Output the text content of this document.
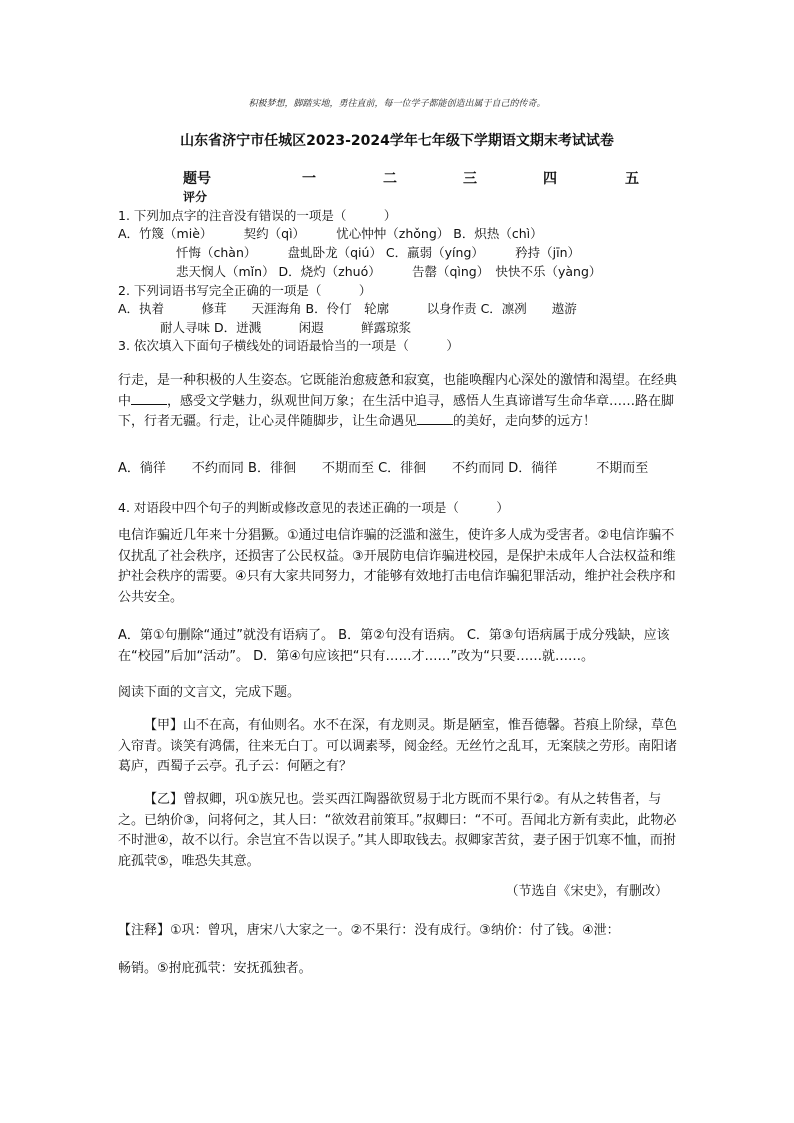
积极梦想，脚踏实地，勇往直前，每一位学子都能创造出属于自己的传奇。
山东省济宁市任城区2023-2024学年七年级下学期语文期末考试试卷
题号	一	二	三	四	五
评分
1. 下列加点字的注音没有错误的一项是（　　　）
A．竹篾（miè）　　　契约（qì）　　　忧心忡忡（zhǒng） B．炽热（chì）
忏悔（chàn）　　　盘虬卧龙（qiú） C．羸弱（yíng）　　　矜持（jīn）
悲天悯人（mǐn） D．烧灼（zhuó）　　　告罄（qìng）　快快不乐（yàng）
2. 下列词语书写完全正确的一项是（　　　）
A．执着　　　修茸　　天涯海角 B．伶仃　轮廓　　　以身作责 C．凛冽　　遨游
耐人寻味 D．迸溅　　　闲遐　　　鲜露琼浆
3. 依次填入下面句子横线处的词语最恰当的一项是（　　　）

行走，是一种积极的人生姿态。它既能治愈疲惫和寂寞，也能唤醒内心深处的激情和渴望。在经典中	，感受文学魅力，纵观世间万象；在生活中追寻，感悟人生真谛谱写生命华章……路在脚下，行者无疆。行走，让心灵伴随脚步，让生命遇见	的美好，走向梦的远方！

A．徜徉　　不约而同 B．徘徊　　不期而至 C．徘徊　　不约而同 D．徜徉　　　不期而至
4. 对语段中四个句子的判断或修改意见的表述正确的一项是（　　　）
电信诈骗近几年来十分猖獗。①通过电信诈骗的泛滥和滋生，使许多人成为受害者。②电信诈骗不仅扰乱了社会秩序，还损害了公民权益。③开展防电信诈骗进校园，是保护未成年人合法权益和维护社会秩序的需要。④只有大家共同努力，才能够有效地打击电信诈骗犯罪活动，维护社会秩序和公共安全。
A．第①句删除“通过”就没有语病了。 B．第②句没有语病。 C．第③句语病属于成分残缺，应该在“校园”后加“活动”。 D．第④句应该把“只有……才……”改为“只要……就……。
阅读下面的文言文，完成下题。
【甲】山不在高，有仙则名。水不在深，有龙则灵。斯是陋室，惟吾德馨。苔痕上阶绿，草色入帘青。谈笑有鸿儒，往来无白丁。可以调素琴，阅金经。无丝竹之乱耳，无案牍之劳形。南阳诸葛庐，西蜀子云亭。孔子云：何陋之有？
【乙】曾叔卿，巩①族兄也。尝买西江陶器欲贸易于北方既而不果行②。有从之转售者，与之。已纳价③，问将何之，其人曰：“欲效君前策耳。”叔卿曰：“不可。吾闻北方新有卖此，此物必不时泄④，故不以行。余岂宜不告以误子。”其人即取钱去。叔卿家苦贫，妻子困于饥寒不恤，而拊庇孤茕⑤，唯恐失其意。
（节选自《宋史》，有删改）
【注释】①巩：曾巩，唐宋八大家之一。②不果行：没有成行。③纳价：付了钱。④泄：
畅销。⑤拊庇孤茕：安抚孤独者。
